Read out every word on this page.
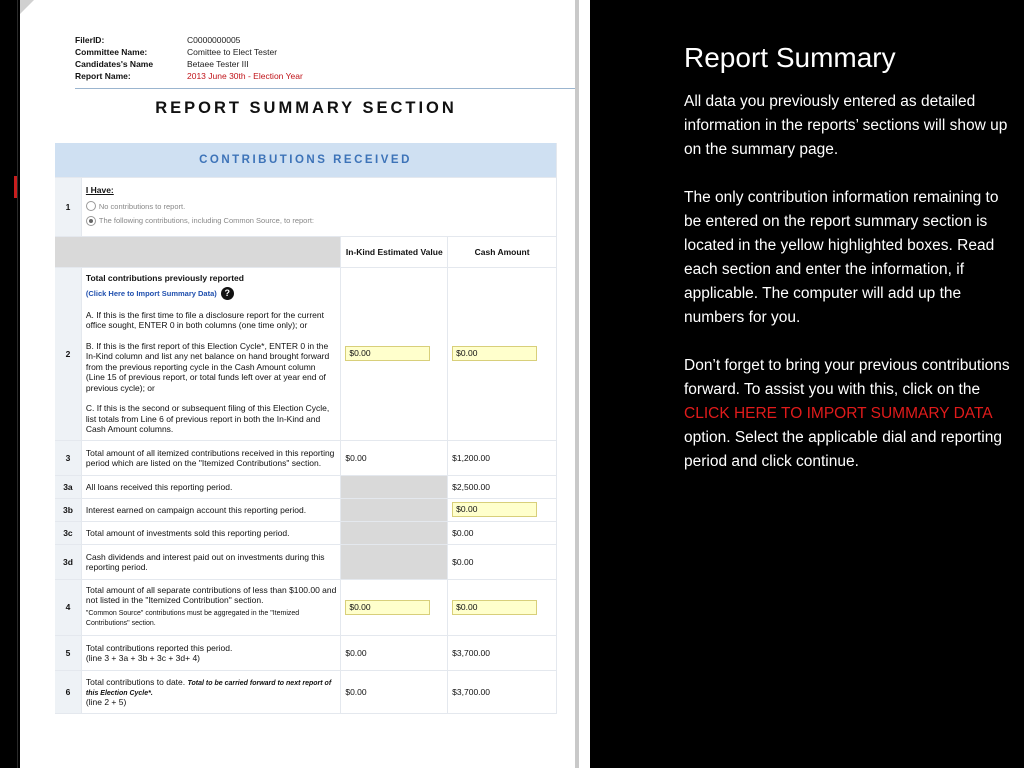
FilerID:	C0000000005
Committee Name:	Comittee to Elect Tester
Candidates's Name	Betaee Tester III
Report Name:	2013 June 30th - Election Year
REPORT SUMMARY SECTION
CONTRIBUTIONS RECEIVED			
1	I Have:
No contributions to report.
The following contributions, including Common Source, to report:		

		In-Kind Estimated Value	Cash Amount
2	Total contributions previously reported
(Click Here to Import Summary Data) ?
A. If this is the first time to file a disclosure report for the current office sought, ENTER 0 in both columns (one time only); or
B. If this is the first report of this Election Cycle*, ENTER 0 in the In-Kind column and list any net balance on hand brought forward from the previous reporting cycle in the Cash Amount column (Line 15 of previous report, or total funds left over at year end of previous cycle); or
C. If this is the second or subsequent filing of this Election Cycle, list totals from Line 6 of previous report in both the In-Kind and Cash Amount columns.	$0.00	$0.00
3	Total amount of all itemized contributions received in this reporting period which are listed on the "Itemized Contributions" section.	$0.00	$1,200.00
3a	All loans received this reporting period.		$2,500.00
3b	Interest earned on campaign account this reporting period.		$0.00
3c	Total amount of investments sold this reporting period.		$0.00
3d	Cash dividends and interest paid out on investments during this reporting period.		$0.00
4	Total amount of all separate contributions of less than $100.00 and not listed in the "Itemized Contribution" section.
"Common Source" contributions must be aggregated in the "Itemized Contributions" section.	$0.00	$0.00
5	Total contributions reported this period.
(line 3 + 3a + 3b + 3c + 3d+ 4)	$0.00	$3,700.00
6	Total contributions to date. Total to be carried forward to next report of this Election Cycle*.
(line 2 + 5)	$0.00	$3,700.00
Report Summary

All data you previously entered as detailed information in the reports’ sections will show up on the summary page.

The only contribution information remaining to be entered on the report summary section is located in the yellow highlighted boxes. Read each section and enter the information, if applicable. The computer will add up the numbers for you.

Don’t forget to bring your previous contributions forward. To assist you with this, click on the CLICK HERE TO IMPORT SUMMARY DATA option. Select the applicable dial and reporting period and click continue.
